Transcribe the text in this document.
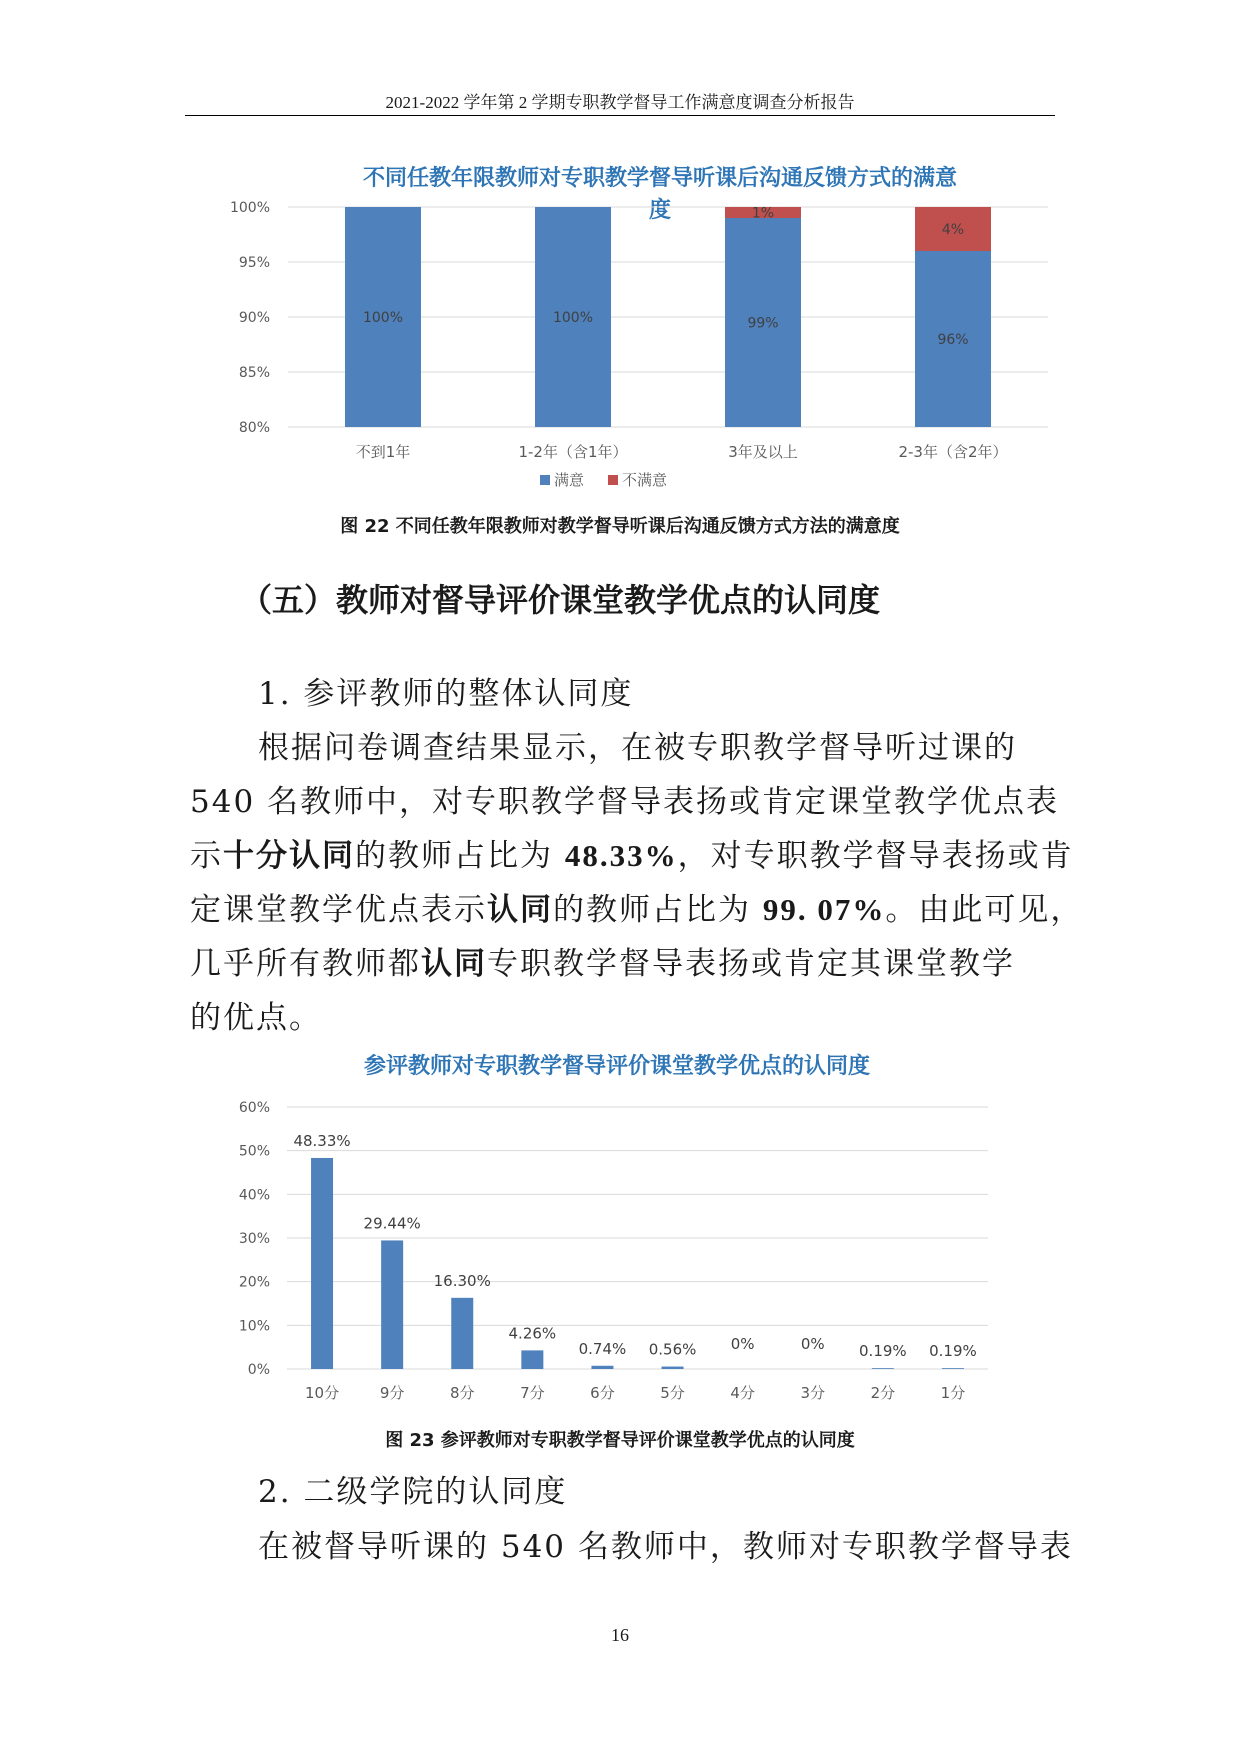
2021-2022 学年第 2 学期专职教学督导工作满意度调查分析报告
不同任教年限教师对专职教学督导听课后沟通反馈方式的满意
度
80%
85%
90%
95%
100%
100%
不到1年
100%
1-2年（含1年）
99%
1%
3年及以上
96%
4%
2-3年（含2年）
满意	不满意
图 22 不同任教年限教师对教学督导听课后沟通反馈方式方法的满意度
（五）教师对督导评价课堂教学优点的认同度
1. 参评教师的整体认同度
根据问卷调查结果显示，在被专职教学督导听过课的
540 名教师中，对专职教学督导表扬或肯定课堂教学优点表
示十分认同的教师占比为 48.33%，对专职教学督导表扬或肯
定课堂教学优点表示认同的教师占比为 99. 07%。由此可见，
几乎所有教师都认同专职教学督导表扬或肯定其课堂教学
的优点。
参评教师对专职教学督导评价课堂教学优点的认同度
0%
10%
20%
30%
40%
50%
60%
48.33%
10分
29.44%
9分
16.30%
8分
4.26%
7分
0.74%
6分
0.56%
5分
0%
4分
0%
3分
0.19%
2分
0.19%
1分
图 23 参评教师对专职教学督导评价课堂教学优点的认同度
2. 二级学院的认同度
在被督导听课的 540 名教师中，教师对专职教学督导表
16
